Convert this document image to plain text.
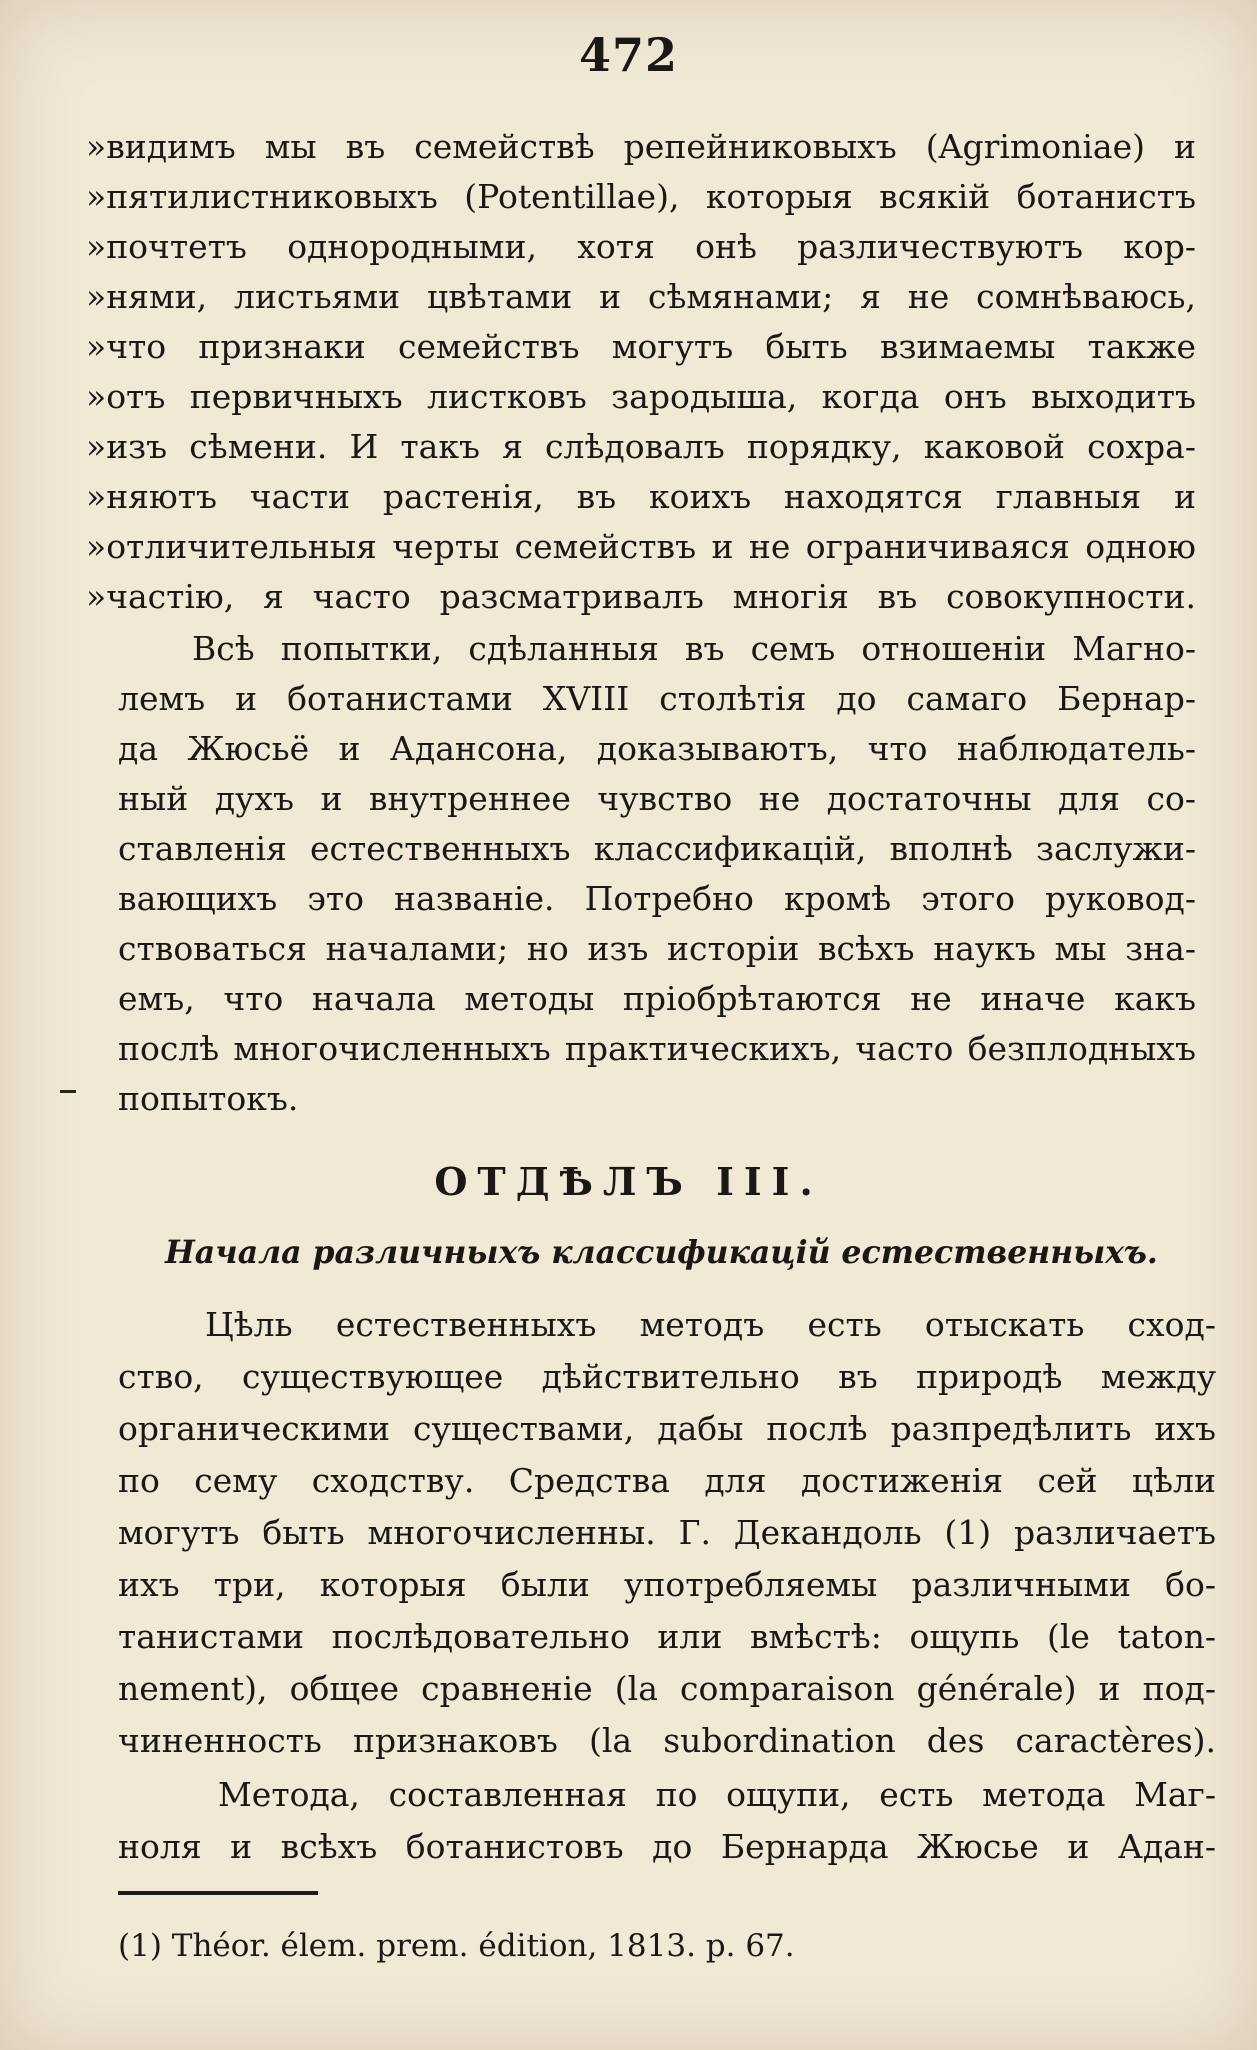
472
»видимъ мы въ семействѣ репейниковыхъ (Agrimoniae) и
»пятилистниковыхъ (Potentillae), которыя всякій ботанистъ
»почтетъ однородными, хотя онѣ различествуютъ кор-
»нями, листьями цвѣтами и сѣмянами; я не сомнѣваюсь,
»что признаки семействъ могутъ быть взимаемы также
»отъ первичныхъ листковъ зародыша, когда онъ выходитъ
»изъ сѣмени. И такъ я слѣдовалъ порядку, каковой сохра-
»няютъ части растенія, въ коихъ находятся главныя и
»отличительныя черты семействъ и не ограничиваяся одною
»частію, я часто разсматривалъ многія въ совокупности.
Всѣ попытки, сдѣланныя въ семъ отношеніи Магно-
лемъ и ботанистами XVIII столѣтія до самаго Бернар-
да Жюсьё и Адансона, доказываютъ, что наблюдатель-
ный духъ и внутреннее чувство не достаточны для со-
ставленія естественныхъ классификацій, вполнѣ заслужи-
вающихъ это названіе. Потребно кромѣ этого руковод-
ствоваться началами; но изъ исторіи всѣхъ наукъ мы зна-
емъ, что начала методы пріобрѣтаются не иначе какъ
послѣ многочисленныхъ практическихъ, часто безплодныхъ
попытокъ.
ОТДѢЛЪ III.
Начала различныхъ классификацій естественныхъ.
Цѣль естественныхъ методъ есть отыскать сход-
ство, существующее дѣйствительно въ природѣ между
органическими существами, дабы послѣ разпредѣлить ихъ
по сему сходству. Средства для достиженія сей цѣли
могутъ быть многочисленны. Г. Декандоль (1) различаетъ
ихъ три, которыя были употребляемы различными бо-
танистами послѣдовательно или вмѣстѣ: ощупь (le taton-
nement), общее сравненіе (la comparaison générale) и под-
чиненность признаковъ (la subordination des caractères).
Метода, составленная по ощупи, есть метода Маг-
ноля и всѣхъ ботанистовъ до Бернарда Жюсье и Адан-
(1) Théor. élem. prem. édition, 1813. p. 67.
